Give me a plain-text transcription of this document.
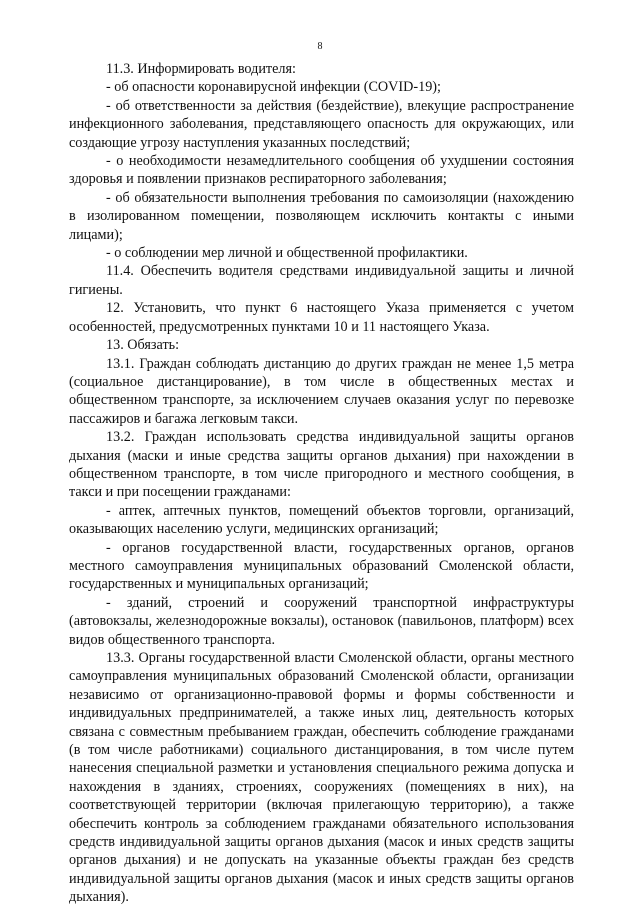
8

11.3. Информировать водителя:

- об опасности коронавирусной инфекции (COVID-19);

- об ответственности за действия (бездействие), влекущие распространение инфекционного заболевания, представляющего опасность для окружающих, или создающие угрозу наступления указанных последствий;

- о необходимости незамедлительного сообщения об ухудшении состояния здоровья и появлении признаков респираторного заболевания;

- об обязательности выполнения требования по самоизоляции (нахождению в изолированном помещении, позволяющем исключить контакты с иными лицами);

- о соблюдении мер личной и общественной профилактики.

11.4. Обеспечить водителя средствами индивидуальной защиты и личной гигиены.

12. Установить, что пункт 6 настоящего Указа применяется с учетом особенностей, предусмотренных пунктами 10 и 11 настоящего Указа.

13. Обязать:

13.1. Граждан соблюдать дистанцию до других граждан не менее 1,5 метра (социальное дистанцирование), в том числе в общественных местах и общественном транспорте, за исключением случаев оказания услуг по перевозке пассажиров и багажа легковым такси.

13.2. Граждан использовать средства индивидуальной защиты органов дыхания (маски и иные средства защиты органов дыхания) при нахождении в общественном транспорте, в том числе пригородного и местного сообщения, в такси и при посещении гражданами:

- аптек, аптечных пунктов, помещений объектов торговли, организаций, оказывающих населению услуги, медицинских организаций;

- органов государственной власти, государственных органов, органов местного самоуправления муниципальных образований Смоленской области, государственных и муниципальных организаций;

- зданий, строений и сооружений транспортной инфраструктуры (автовокзалы, железнодорожные вокзалы), остановок (павильонов, платформ) всех видов общественного транспорта.

13.3. Органы государственной власти Смоленской области, органы местного самоуправления муниципальных образований Смоленской области, организации независимо от организационно-правовой формы и формы собственности и индивидуальных предпринимателей, а также иных лиц, деятельность которых связана с совместным пребыванием граждан, обеспечить соблюдение гражданами (в том числе работниками) социального дистанцирования, в том числе путем нанесения специальной разметки и установления специального режима допуска и нахождения в зданиях, строениях, сооружениях (помещениях в них), на соответствующей территории (включая прилегающую территорию), а также обеспечить контроль за соблюдением гражданами обязательного использования средств индивидуальной защиты органов дыхания (масок и иных средств защиты органов дыхания) и не допускать на указанные объекты граждан без средств индивидуальной защиты органов дыхания (масок и иных средств защиты органов дыхания).
